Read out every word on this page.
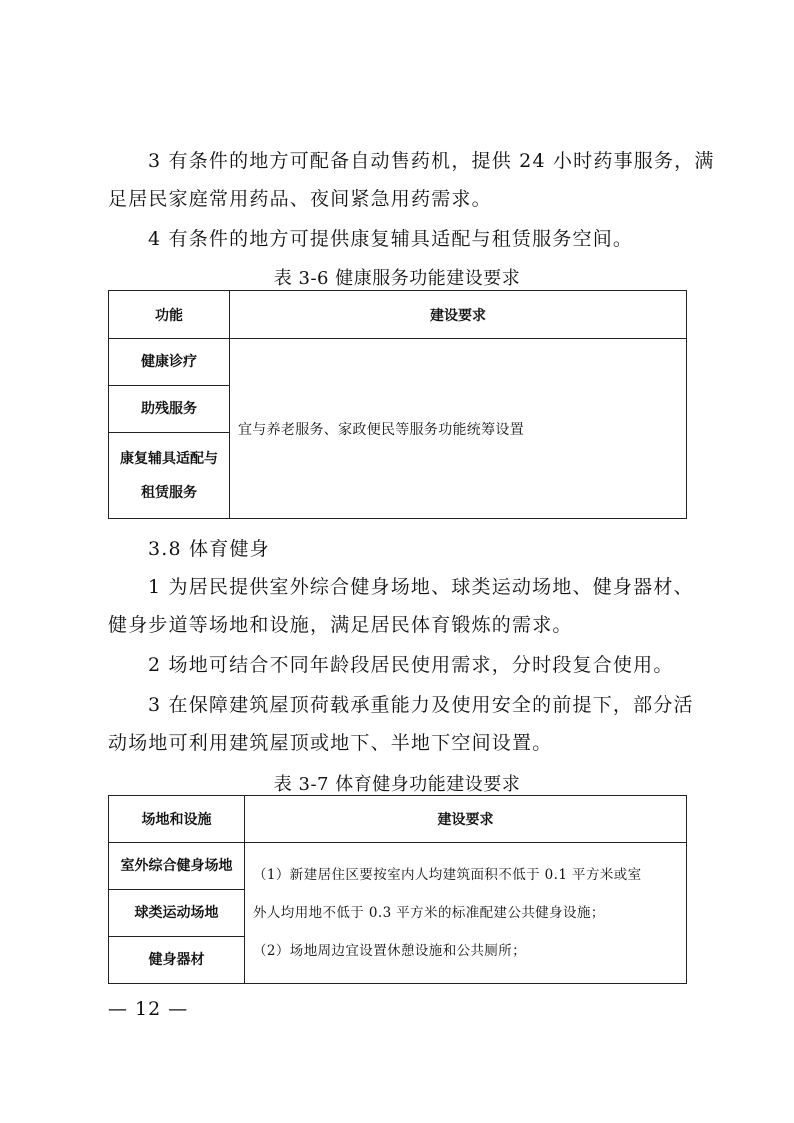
3 有条件的地方可配备自动售药机，提供 24 小时药事服务，满
足居民家庭常用药品、夜间紧急用药需求。
4 有条件的地方可提供康复辅具适配与租赁服务空间。
表 3-6 健康服务功能建设要求
功能	建设要求
健康诊疗	宜与养老服务、家政便民等服务功能统筹设置
助残服务	

康复辅具适配与
租赁服务	
3.8 体育健身
1 为居民提供室外综合健身场地、球类运动场地、健身器材、
健身步道等场地和设施，满足居民体育锻炼的需求。
2 场地可结合不同年龄段居民使用需求，分时段复合使用。
3 在保障建筑屋顶荷载承重能力及使用安全的前提下，部分活
动场地可利用建筑屋顶或地下、半地下空间设置。
表 3-7 体育健身功能建设要求
场地和设施	建设要求
室外综合健身场地	（1）新建居住区要按室内人均建筑面积不低于 0.1 平方米或室
外人均用地不低于 0.3 平方米的标准配建公共健身设施；
（2）场地周边宜设置休憩设施和公共厕所；

球类运动场地	
健身器材	
— 12 —
